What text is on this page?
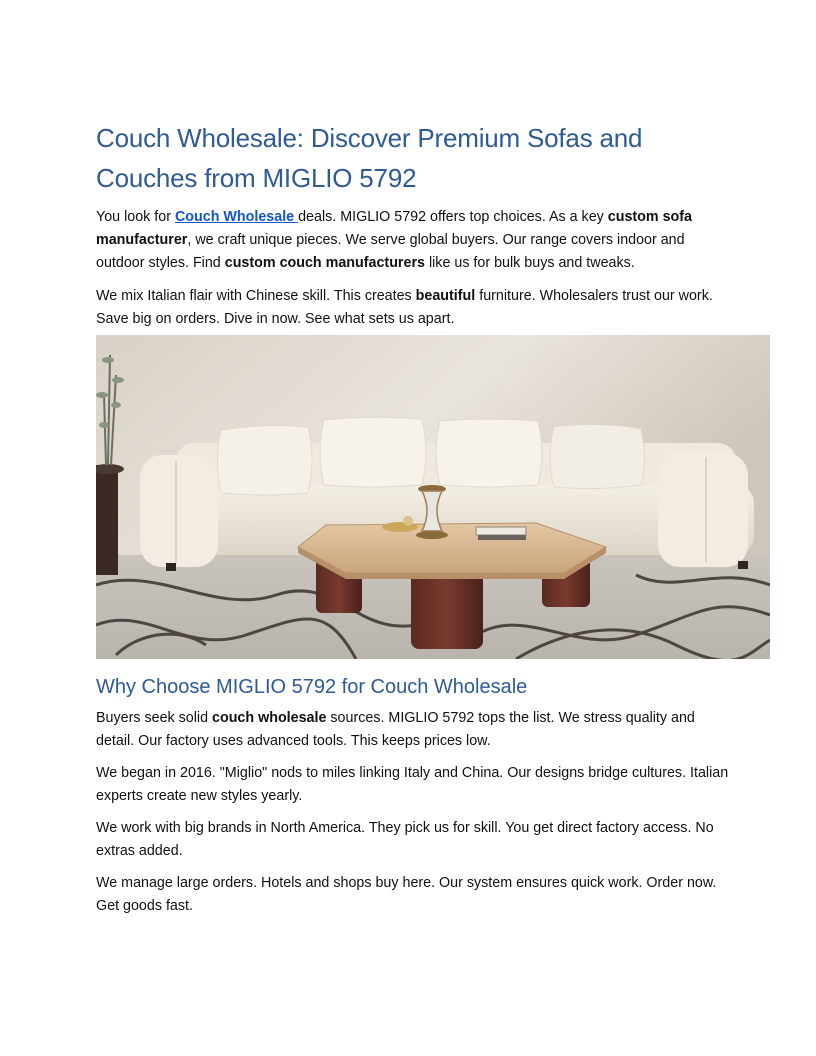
Couch Wholesale: Discover Premium Sofas and Couches from MIGLIO 5792

You look for Couch Wholesale deals. MIGLIO 5792 offers top choices. As a key custom sofa manufacturer, we craft unique pieces. We serve global buyers. Our range covers indoor and outdoor styles. Find custom couch manufacturers like us for bulk buys and tweaks.

We mix Italian flair with Chinese skill. This creates beautiful furniture. Wholesalers trust our work. Save big on orders. Dive in now. See what sets us apart.

Why Choose MIGLIO 5792 for Couch Wholesale

Buyers seek solid couch wholesale sources. MIGLIO 5792 tops the list. We stress quality and detail. Our factory uses advanced tools. This keeps prices low.

We began in 2016. "Miglio" nods to miles linking Italy and China. Our designs bridge cultures. Italian experts create new styles yearly.

We work with big brands in North America. They pick us for skill. You get direct factory access. No extras added.

We manage large orders. Hotels and shops buy here. Our system ensures quick work. Order now. Get goods fast.
